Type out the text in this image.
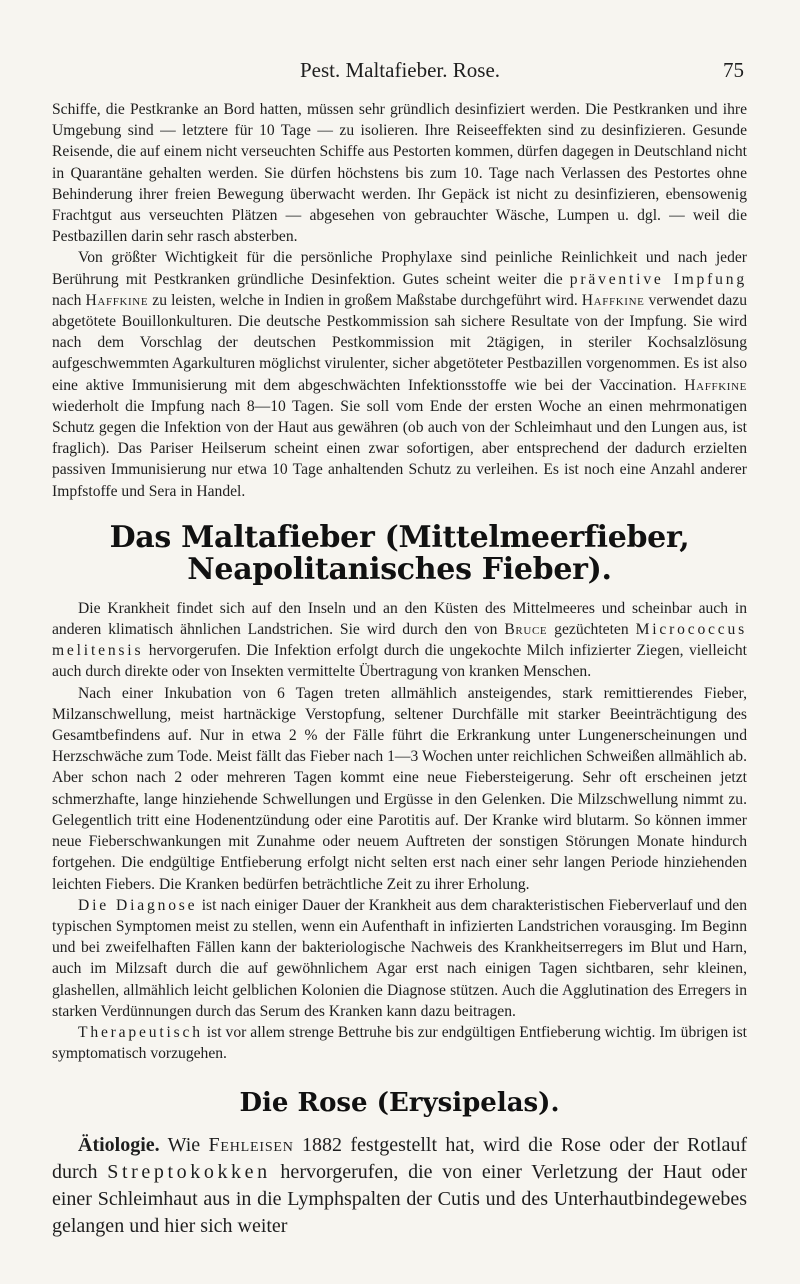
Pest. Maltafieber. Rose.	75

Schiffe, die Pestkranke an Bord hatten, müssen sehr gründlich desinfiziert werden. Die Pestkranken und ihre Umgebung sind — letztere für 10 Tage — zu isolieren. Ihre Reiseeffekten sind zu desinfizieren. Gesunde Reisende, die auf einem nicht verseuchten Schiffe aus Pestorten kommen, dürfen dagegen in Deutschland nicht in Quarantäne gehalten werden. Sie dürfen höchstens bis zum 10. Tage nach Verlassen des Pestortes ohne Behinderung ihrer freien Bewegung überwacht werden. Ihr Gepäck ist nicht zu desinfizieren, ebensowenig Frachtgut aus verseuchten Plätzen — abgesehen von gebrauchter Wäsche, Lumpen u. dgl. — weil die Pestbazillen darin sehr rasch absterben.

Von größter Wichtigkeit für die persönliche Prophylaxe sind peinliche Reinlichkeit und nach jeder Berührung mit Pestkranken gründliche Desinfektion. Gutes scheint weiter die präventive Impfung nach Haffkine zu leisten, welche in Indien in großem Maßstabe durchgeführt wird. Haffkine verwendet dazu abgetötete Bouillonkulturen. Die deutsche Pestkommission sah sichere Resultate von der Impfung. Sie wird nach dem Vorschlag der deutschen Pestkommission mit 2tägigen, in steriler Kochsalzlösung aufgeschwemmten Agarkulturen möglichst virulenter, sicher abgetöteter Pestbazillen vorgenommen. Es ist also eine aktive Immunisierung mit dem abgeschwächten Infektionsstoffe wie bei der Vaccination. Haffkine wiederholt die Impfung nach 8—10 Tagen. Sie soll vom Ende der ersten Woche an einen mehrmonatigen Schutz gegen die Infektion von der Haut aus gewähren (ob auch von der Schleimhaut und den Lungen aus, ist fraglich). Das Pariser Heilserum scheint einen zwar sofortigen, aber entsprechend der dadurch erzielten passiven Immunisierung nur etwa 10 Tage anhaltenden Schutz zu verleihen. Es ist noch eine Anzahl anderer Impfstoffe und Sera in Handel.

Das Maltafieber (Mittelmeerfieber, Neapolitanisches Fieber).

Die Krankheit findet sich auf den Inseln und an den Küsten des Mittelmeeres und scheinbar auch in anderen klimatisch ähnlichen Landstrichen. Sie wird durch den von Bruce gezüchteten Micrococcus melitensis hervorgerufen. Die Infektion erfolgt durch die ungekochte Milch infizierter Ziegen, vielleicht auch durch direkte oder von Insekten vermittelte Übertragung von kranken Menschen.

Nach einer Inkubation von 6 Tagen treten allmählich ansteigendes, stark remittierendes Fieber, Milzanschwellung, meist hartnäckige Verstopfung, seltener Durchfälle mit starker Beeinträchtigung des Gesamtbefindens auf. Nur in etwa 2 % der Fälle führt die Erkrankung unter Lungenerscheinungen und Herzschwäche zum Tode. Meist fällt das Fieber nach 1—3 Wochen unter reichlichen Schweißen allmählich ab. Aber schon nach 2 oder mehreren Tagen kommt eine neue Fiebersteigerung. Sehr oft erscheinen jetzt schmerzhafte, lange hinziehende Schwellungen und Ergüsse in den Gelenken. Die Milzschwellung nimmt zu. Gelegentlich tritt eine Hodenentzündung oder eine Parotitis auf. Der Kranke wird blutarm. So können immer neue Fieberschwankungen mit Zunahme oder neuem Auftreten der sonstigen Störungen Monate hindurch fortgehen. Die endgültige Entfieberung erfolgt nicht selten erst nach einer sehr langen Periode hinziehenden leichten Fiebers. Die Kranken bedürfen beträchtliche Zeit zu ihrer Erholung.

Die Diagnose ist nach einiger Dauer der Krankheit aus dem charakteristischen Fieberverlauf und den typischen Symptomen meist zu stellen, wenn ein Aufenthaft in infizierten Landstrichen vorausging. Im Beginn und bei zweifelhaften Fällen kann der bakteriologische Nachweis des Krankheitserregers im Blut und Harn, auch im Milzsaft durch die auf gewöhnlichem Agar erst nach einigen Tagen sichtbaren, sehr kleinen, glashellen, allmählich leicht gelblichen Kolonien die Diagnose stützen. Auch die Agglutination des Erregers in starken Verdünnungen durch das Serum des Kranken kann dazu beitragen.

Therapeutisch ist vor allem strenge Bettruhe bis zur endgültigen Entfieberung wichtig. Im übrigen ist symptomatisch vorzugehen.

Die Rose (Erysipelas).

Ätiologie. Wie Fehleisen 1882 festgestellt hat, wird die Rose oder der Rotlauf durch Streptokokken hervorgerufen, die von einer Verletzung der Haut oder einer Schleimhaut aus in die Lymphspalten der Cutis und des Unterhautbindegewebes gelangen und hier sich weiter
